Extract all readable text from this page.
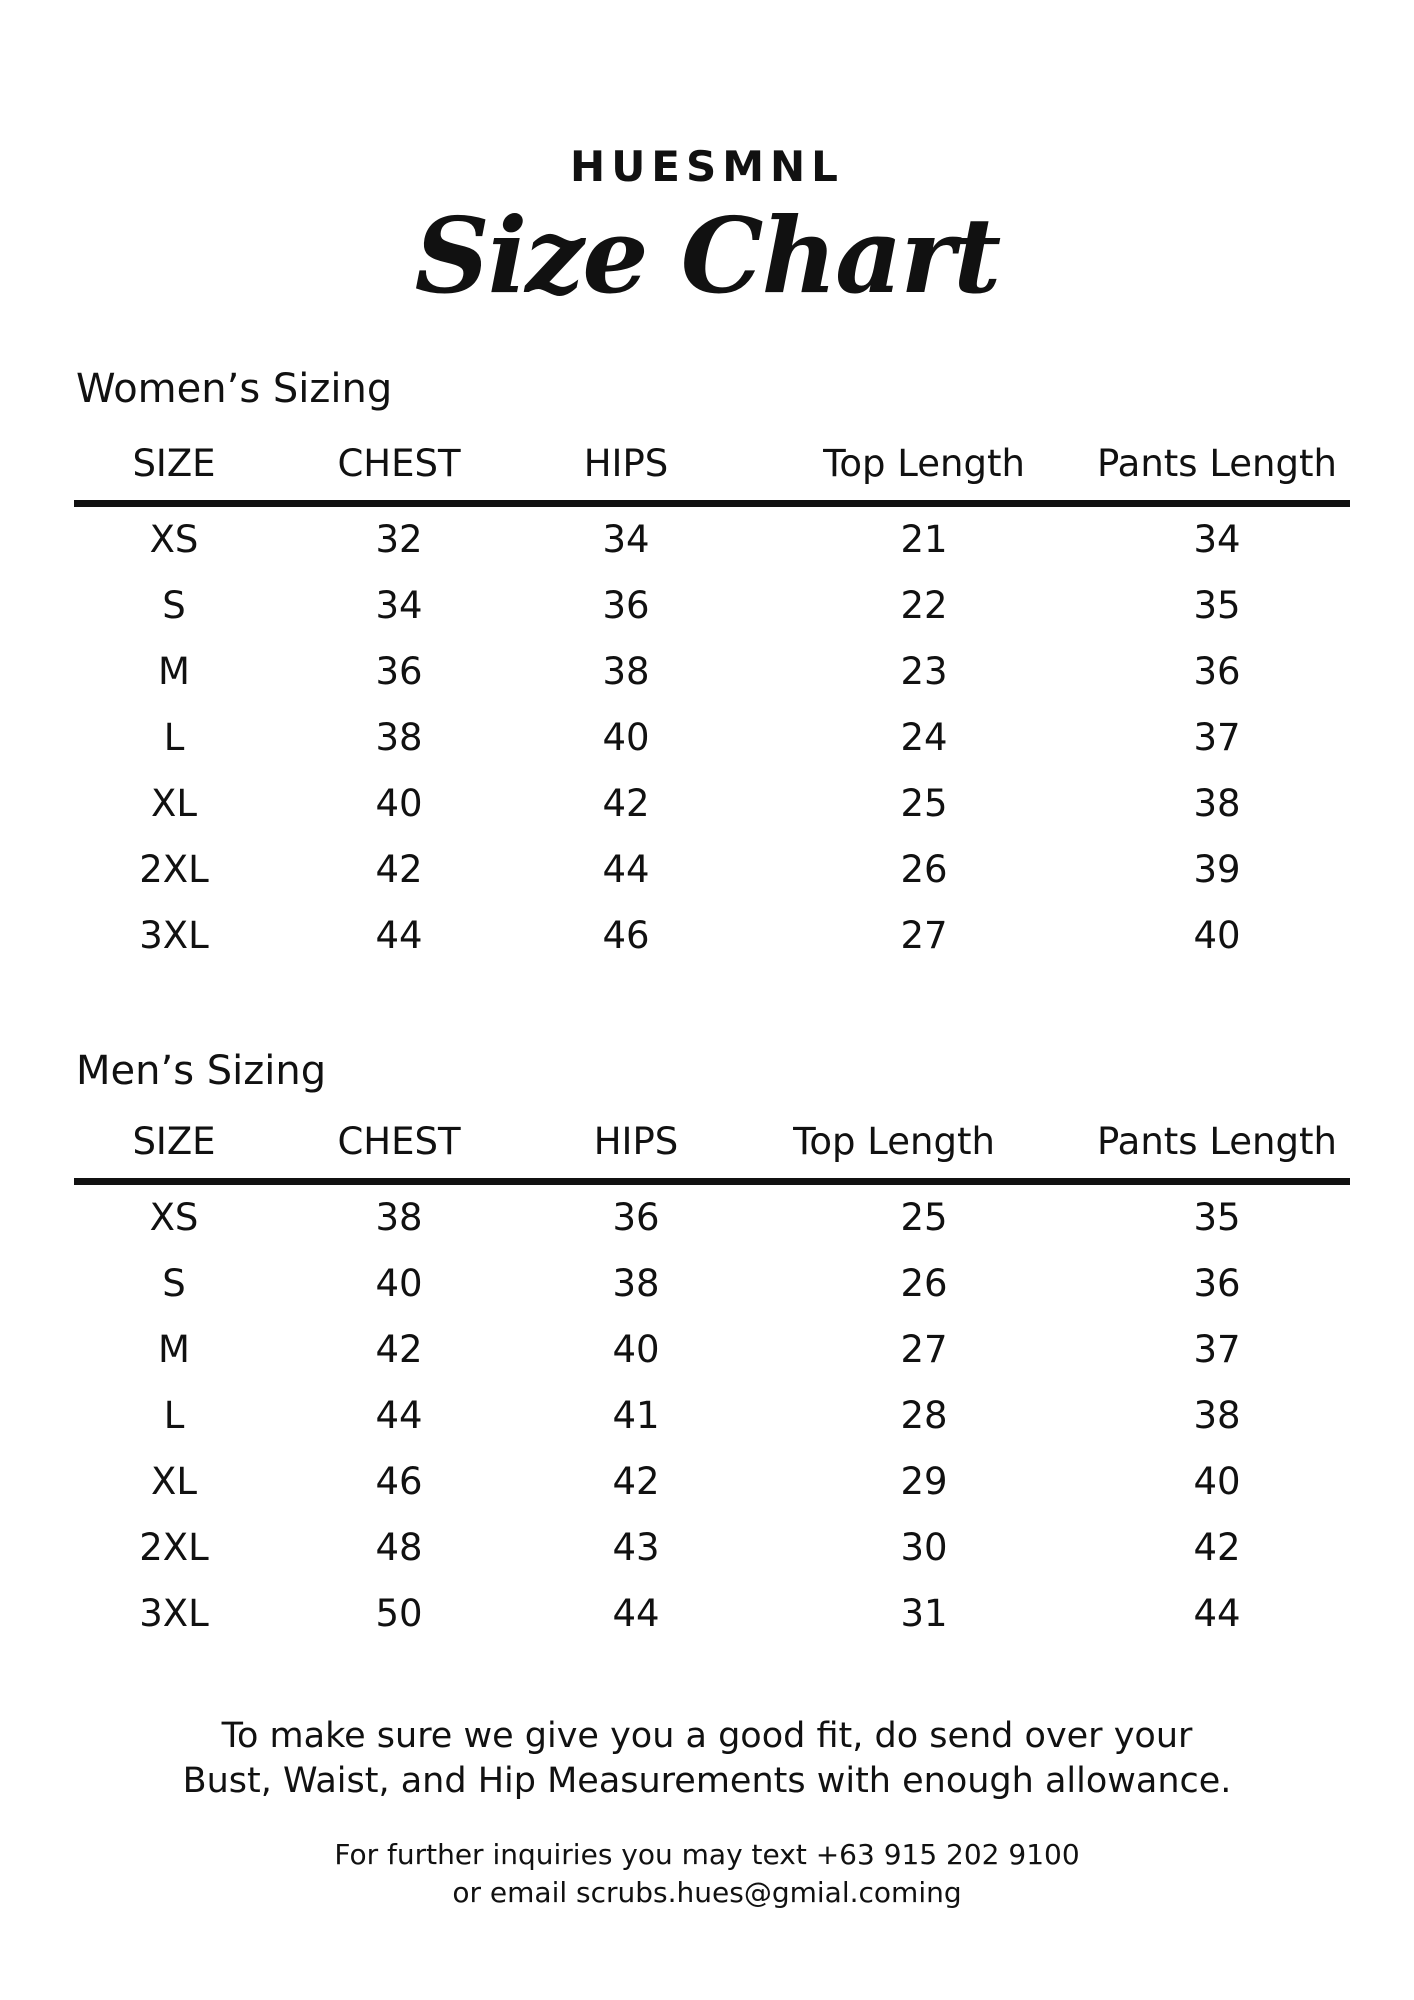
HUESMNL
Size Chart
Women’s Sizing
SIZE	CHEST	HIPS	Top Length	Pants Length
XS	32	34	21	34
S	34	36	22	35
M	36	38	23	36
L	38	40	24	37
XL	40	42	25	38
2XL	42	44	26	39
3XL	44	46	27	40
Men’s Sizing
SIZE	CHEST	HIPS	Top Length	Pants Length
XS	38	36	25	35
S	40	38	26	36
M	42	40	27	37
L	44	41	28	38
XL	46	42	29	40
2XL	48	43	30	42
3XL	50	44	31	44
To make sure we give you a good fit, do send over your
Bust, Waist, and Hip Measurements with enough allowance.
For further inquiries you may text +63 915 202 9100
or email scrubs.hues@gmial.coming
